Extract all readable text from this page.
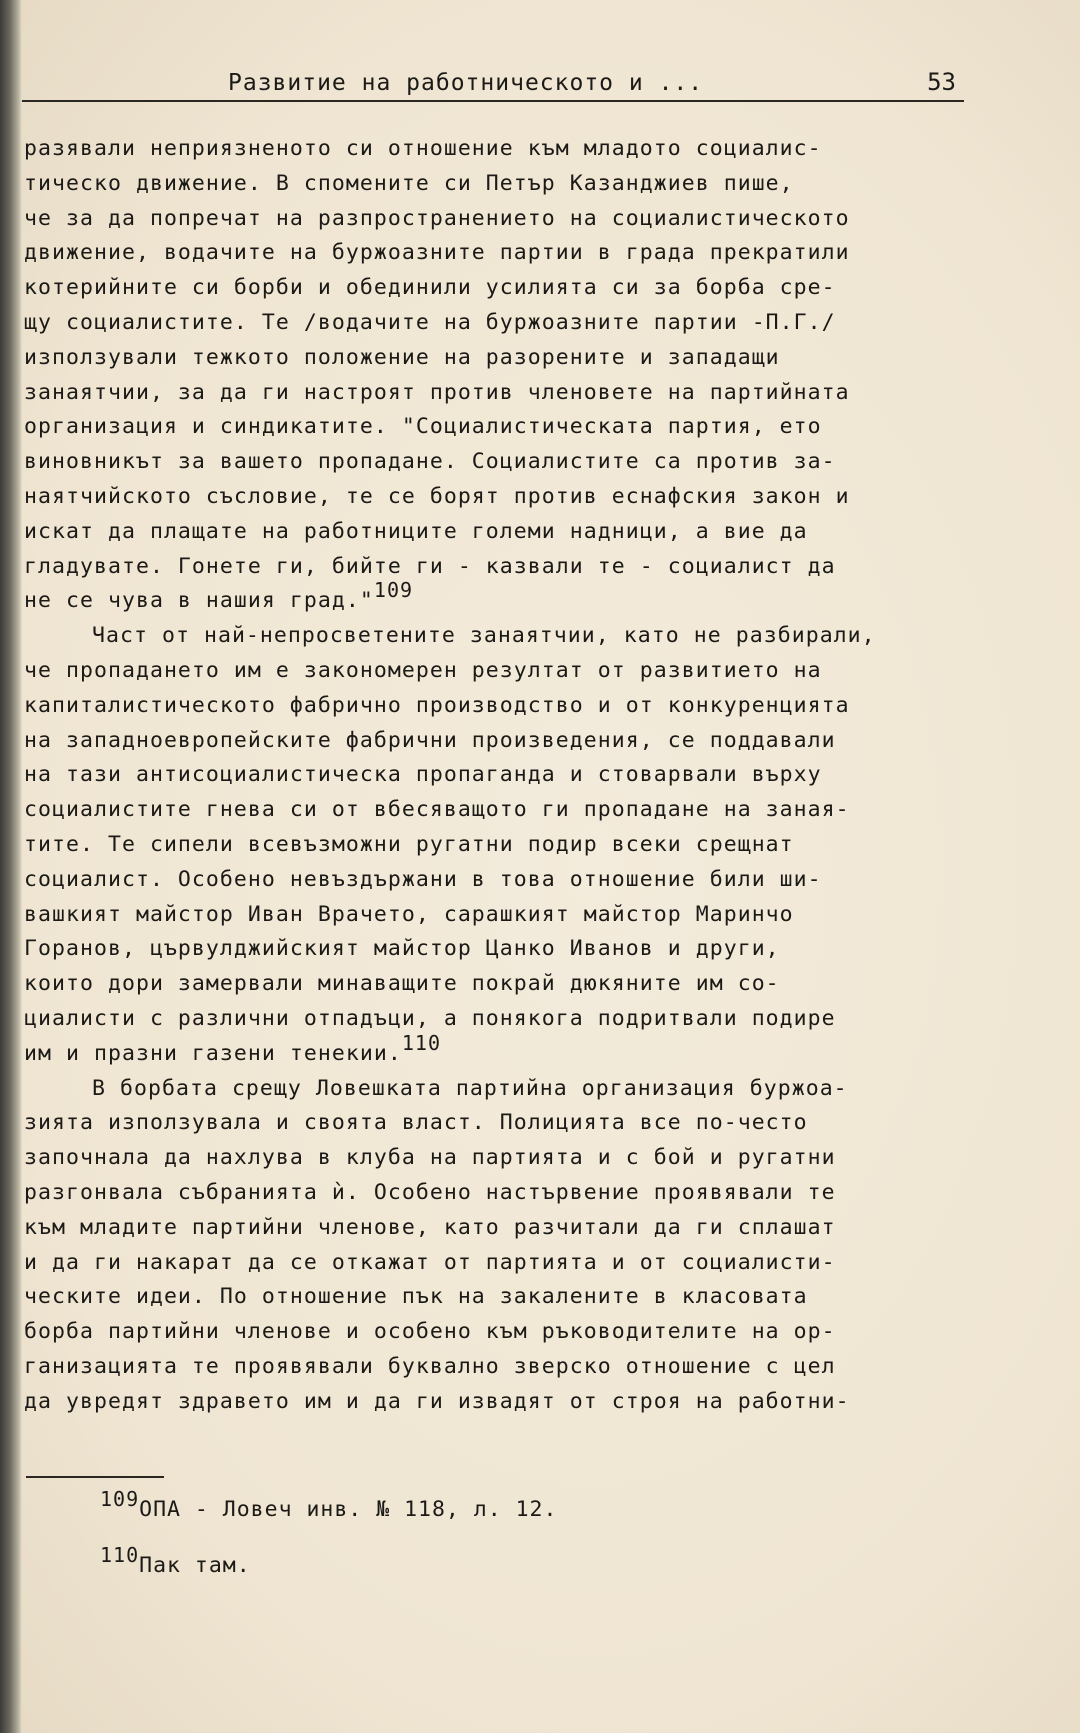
Развитие на работническото и ...	53
разявали неприязненото си отношение към младото социалис-
тическо движение. В спомените си Петър Казанджиев пише,
че за да попречат на разпространението на социалистическото
движение, водачите на буржоазните партии в града прекратили
котерийните си борби и обединили усилията си за борба сре-
щу социалистите. Те /водачите на буржоазните партии -П.Г./
използували тежкото положение на разорените и западащи
занаятчии, за да ги настроят против членовете на партийната
организация и синдикатите. "Социалистическата партия, ето
виновникът за вашето пропадане. Социалистите са против за-
наятчийското съсловие, те се борят против еснафския закон и
искат да плащате на работниците големи надници, а вие да
гладувате. Гонете ги, бийте ги - казвали те - социалист да
не се чува в нашия град."$^{109}$
Част от най-непросветените занаятчии, като не разбирали,
че пропадането им е закономерен резултат от развитието на
капиталистическото фабрично производство и от конкуренцията
на западноевропейските фабрични произведения, се поддавали
на тази антисоциалистическа пропаганда и стоварвали върху
социалистите гнева си от вбесяващото ги пропадане на заная-
тите. Те сипели всевъзможни ругатни подир всеки срещнат
социалист. Особено невъздържани в това отношение били ши-
вашкият майстор Иван Врачето, сарашкият майстор Маринчо
Горанов, цървулджийският майстор Цанко Иванов и други,
които дори замервали минаващите покрай дюкяните им со-
циалисти с различни отпадъци, а понякога подритвали подире
им и празни газени тенекии.$^{110}$
В борбата срещу Ловешката партийна организация буржоа-
зията използувала и своята власт. Полицията все по-често
започнала да нахлува в клуба на партията и с бой и ругатни
разгонвала събранията ѝ. Особено настървение проявявали те
към младите партийни членове, като разчитали да ги сплашат
и да ги накарат да се откажат от партията и от социалисти-
ческите идеи. По отношение пък на закалените в класовата
борба партийни членове и особено към ръководителите на ор-
ганизацията те проявявали буквално зверско отношение с цел
да увредят здравето им и да ги извадят от строя на работни-
$^{109}$ОПА - Ловеч инв. № 118, л. 12.
$^{110}$Пак там.
